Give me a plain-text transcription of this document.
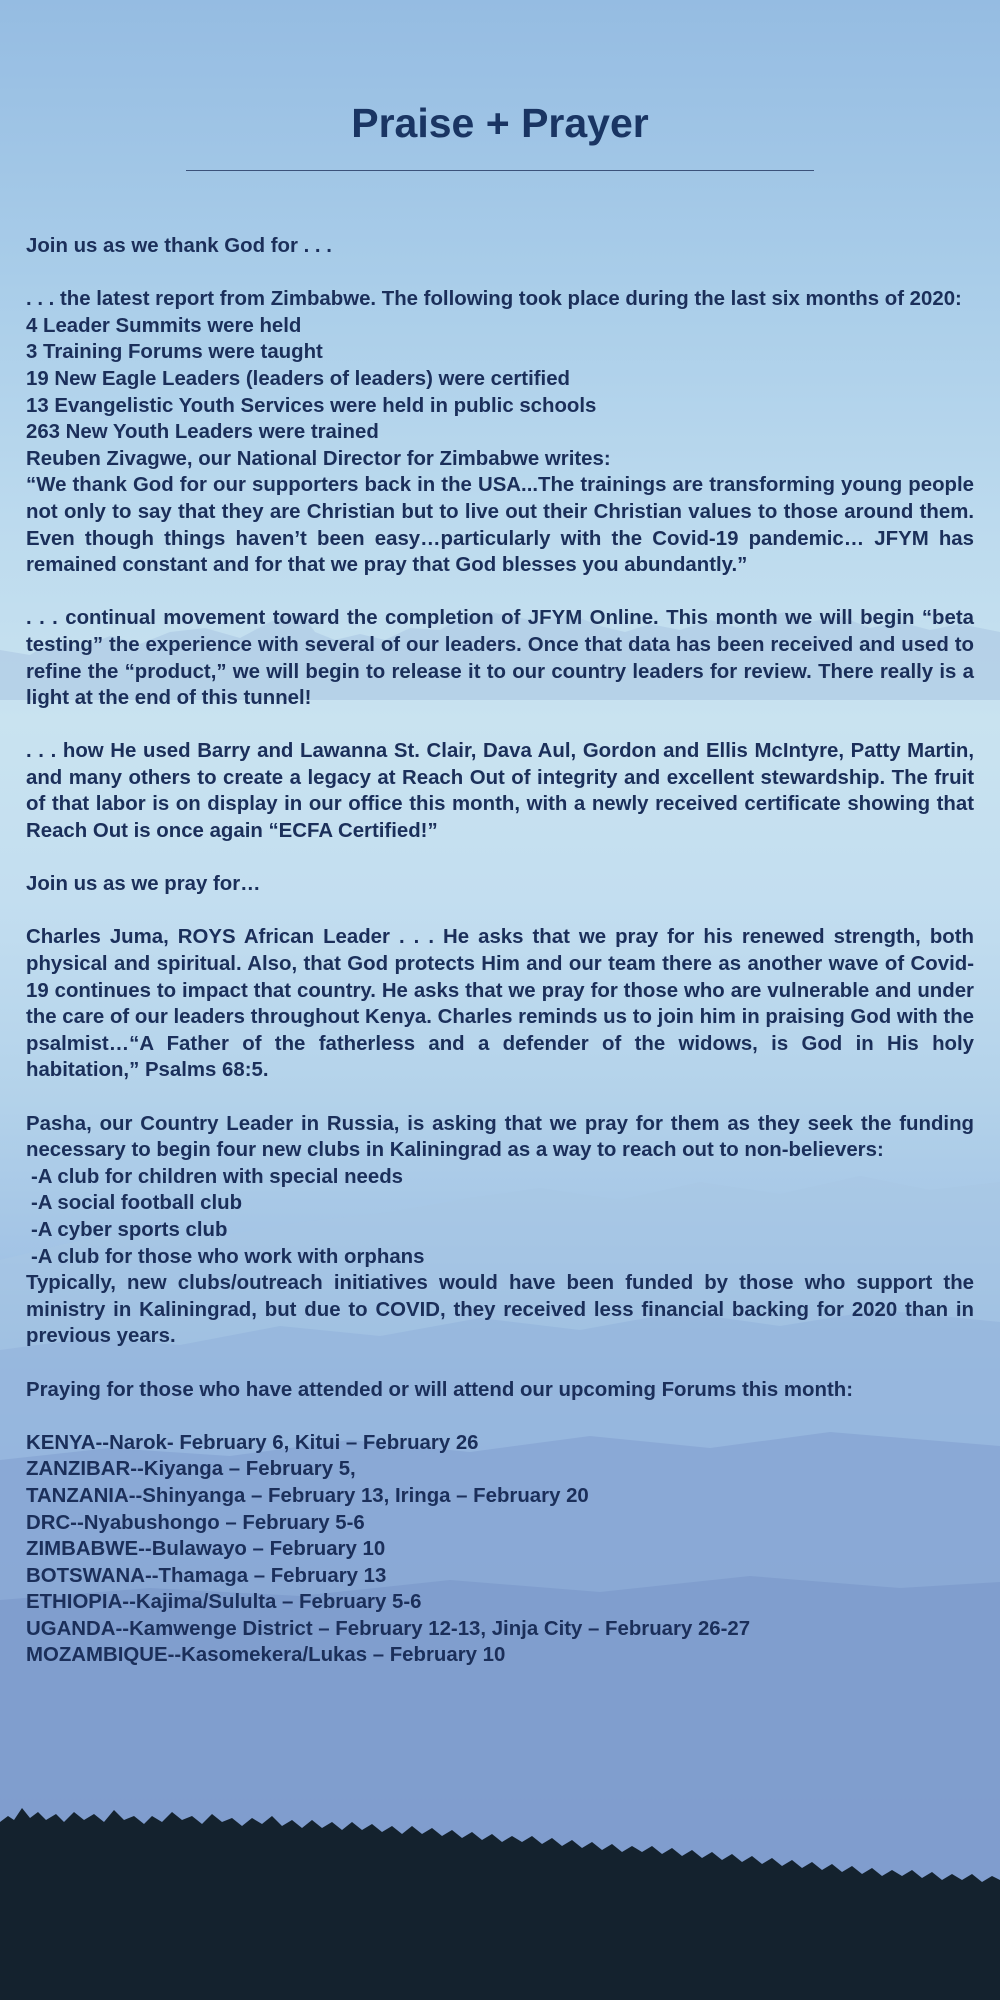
Praise + Prayer

Join us as we thank God for . . .

. . . the latest report from Zimbabwe. The following took place during the last six months of 2020:

4 Leader Summits were held

3 Training Forums were taught

19 New Eagle Leaders (leaders of leaders) were certified

13 Evangelistic Youth Services were held in public schools

263 New Youth Leaders were trained

Reuben Zivagwe, our National Director for Zimbabwe writes:

“We thank God for our supporters back in the USA...The trainings are transforming young people not only to say that they are Christian but to live out their Christian values to those around them. Even though things haven’t been easy…particularly with the Covid-19 pandemic… JFYM has remained constant and for that we pray that God blesses you abundantly.”

. . . continual movement toward the completion of JFYM Online. This month we will begin “beta testing” the experience with several of our leaders. Once that data has been received and used to refine the “product,” we will begin to release it to our country leaders for review. There really is a light at the end of this tunnel!

. . . how He used Barry and Lawanna St. Clair, Dava Aul, Gordon and Ellis McIntyre, Patty Martin, and many others to create a legacy at Reach Out of integrity and excellent stewardship. The fruit of that labor is on display in our office this month, with a newly received certificate showing that Reach Out is once again “ECFA Certified!”

Join us as we pray for…

Charles Juma, ROYS African Leader . . . He asks that we pray for his renewed strength, both physical and spiritual. Also, that God protects Him and our team there as another wave of Covid-19 continues to impact that country. He asks that we pray for those who are vulnerable and under the care of our leaders throughout Kenya. Charles reminds us to join him in praising God with the psalmist…“A Father of the fatherless and a defender of the widows, is God in His holy habitation,” Psalms 68:5.

Pasha, our Country Leader in Russia, is asking that we pray for them as they seek the funding necessary to begin four new clubs in Kaliningrad as a way to reach out to non-believers:

-A club for children with special needs

-A social football club

-A cyber sports club

-A club for those who work with orphans

Typically, new clubs/outreach initiatives would have been funded by those who support the ministry in Kaliningrad, but due to COVID, they received less financial backing for 2020 than in previous years.

Praying for those who have attended or will attend our upcoming Forums this month:

KENYA--Narok- February 6, Kitui – February 26

ZANZIBAR--Kiyanga – February 5,

TANZANIA--Shinyanga – February 13, Iringa – February 20

DRC--Nyabushongo – February 5-6

ZIMBABWE--Bulawayo – February 10

BOTSWANA--Thamaga – February 13

ETHIOPIA--Kajima/Sululta – February 5-6

UGANDA--Kamwenge District – February 12-13, Jinja City – February 26-27

MOZAMBIQUE--Kasomekera/Lukas – February 10
